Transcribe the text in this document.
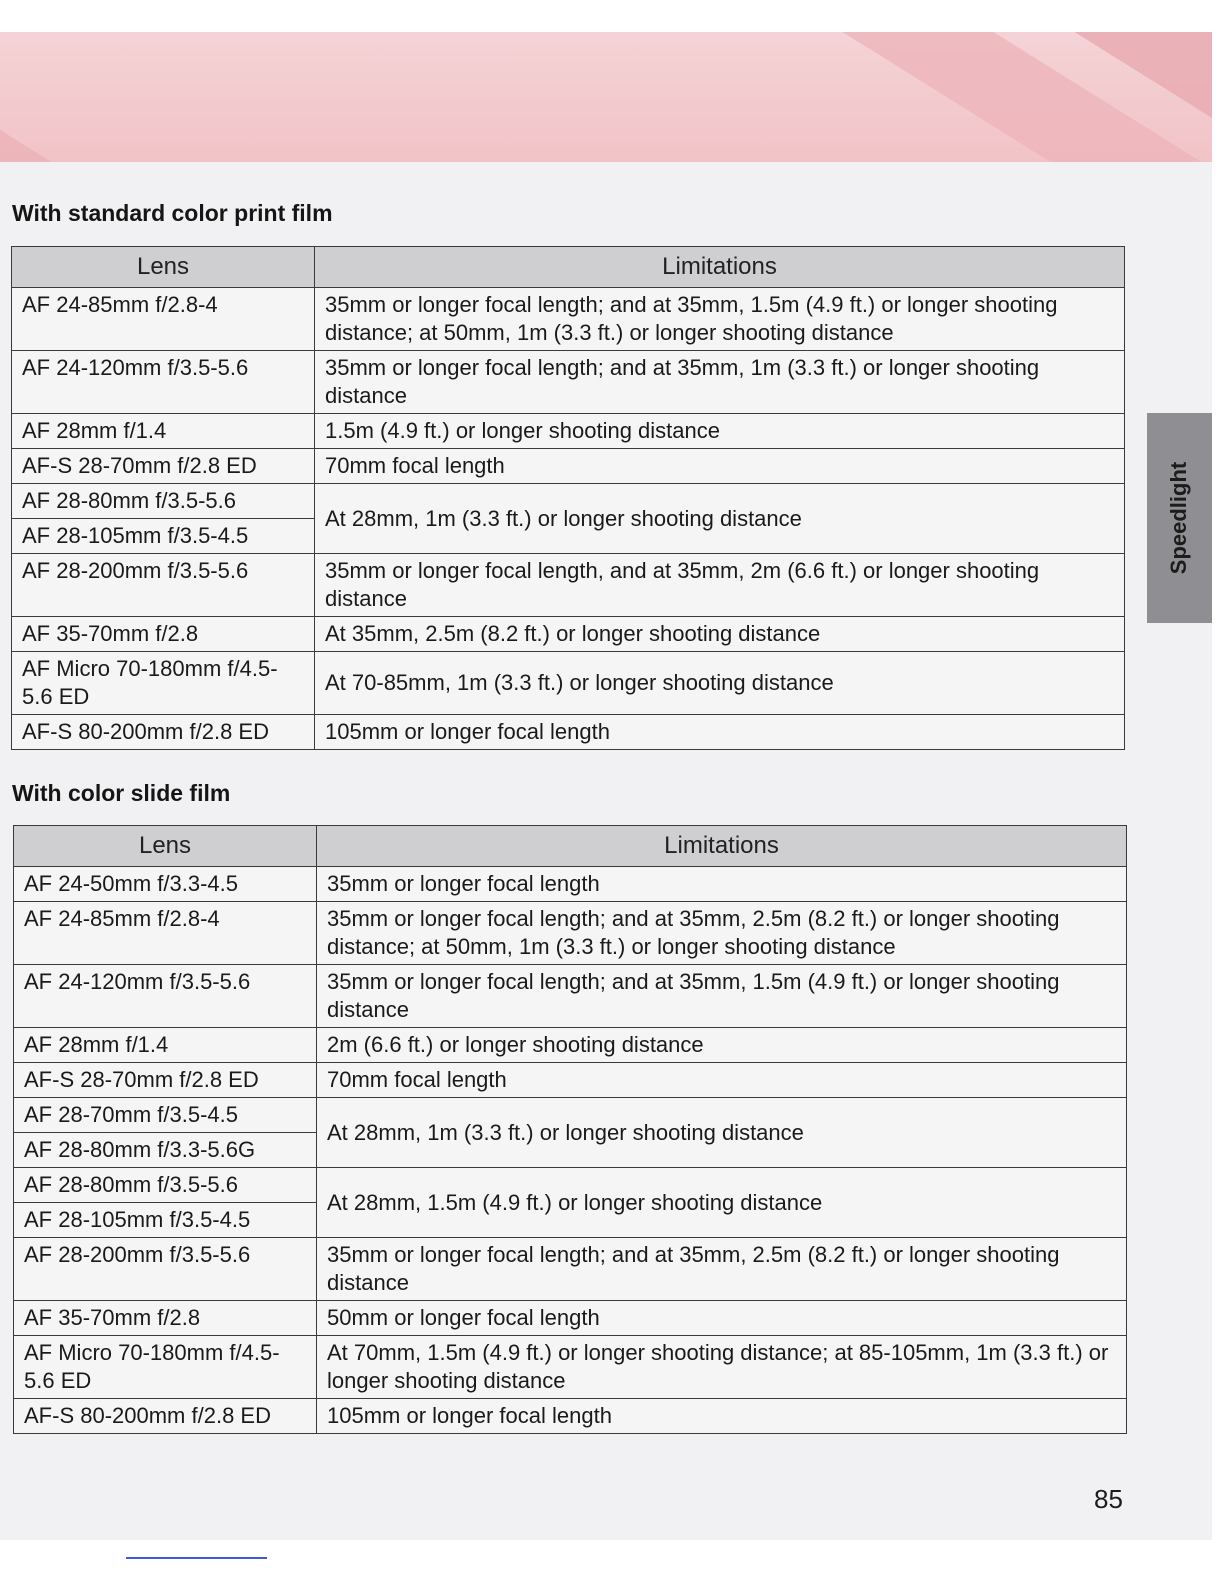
With standard color print film
Lens	Limitations
AF 24-85mm f/2.8-4	35mm or longer focal length; and at 35mm, 1.5m (4.9 ft.) or longer shooting distance; at 50mm, 1m (3.3 ft.) or longer shooting distance
AF 24-120mm f/3.5-5.6	35mm or longer focal length; and at 35mm, 1m (3.3 ft.) or longer shooting distance
AF 28mm f/1.4	1.5m (4.9 ft.) or longer shooting distance
AF-S 28-70mm f/2.8 ED	70mm focal length
AF 28-80mm f/3.5-5.6	At 28mm, 1m (3.3 ft.) or longer shooting distance
AF 28-105mm f/3.5-4.5	
AF 28-200mm f/3.5-5.6	35mm or longer focal length, and at 35mm, 2m (6.6 ft.) or longer shooting distance
AF 35-70mm f/2.8	At 35mm, 2.5m (8.2 ft.) or longer shooting distance
AF Micro 70-180mm f/4.5-5.6 ED	At 70-85mm, 1m (3.3 ft.) or longer shooting distance
AF-S 80-200mm f/2.8 ED	105mm or longer focal length
With color slide film
Lens	Limitations
AF 24-50mm f/3.3-4.5	35mm or longer focal length
AF 24-85mm f/2.8-4	35mm or longer focal length; and at 35mm, 2.5m (8.2 ft.) or longer shooting distance; at 50mm, 1m (3.3 ft.) or longer shooting distance
AF 24-120mm f/3.5-5.6	35mm or longer focal length; and at 35mm, 1.5m (4.9 ft.) or longer shooting distance
AF 28mm f/1.4	2m (6.6 ft.) or longer shooting distance
AF-S 28-70mm f/2.8 ED	70mm focal length
AF 28-70mm f/3.5-4.5	At 28mm, 1m (3.3 ft.) or longer shooting distance
AF 28-80mm f/3.3-5.6G	
AF 28-80mm f/3.5-5.6	At 28mm, 1.5m (4.9 ft.) or longer shooting distance
AF 28-105mm f/3.5-4.5	
AF 28-200mm f/3.5-5.6	35mm or longer focal length; and at 35mm, 2.5m (8.2 ft.) or longer shooting distance
AF 35-70mm f/2.8	50mm or longer focal length
AF Micro 70-180mm f/4.5-5.6 ED	At 70mm, 1.5m (4.9 ft.) or longer shooting distance; at 85-105mm, 1m (3.3 ft.) or longer shooting distance
AF-S 80-200mm f/2.8 ED	105mm or longer focal length
Speedlight
85
